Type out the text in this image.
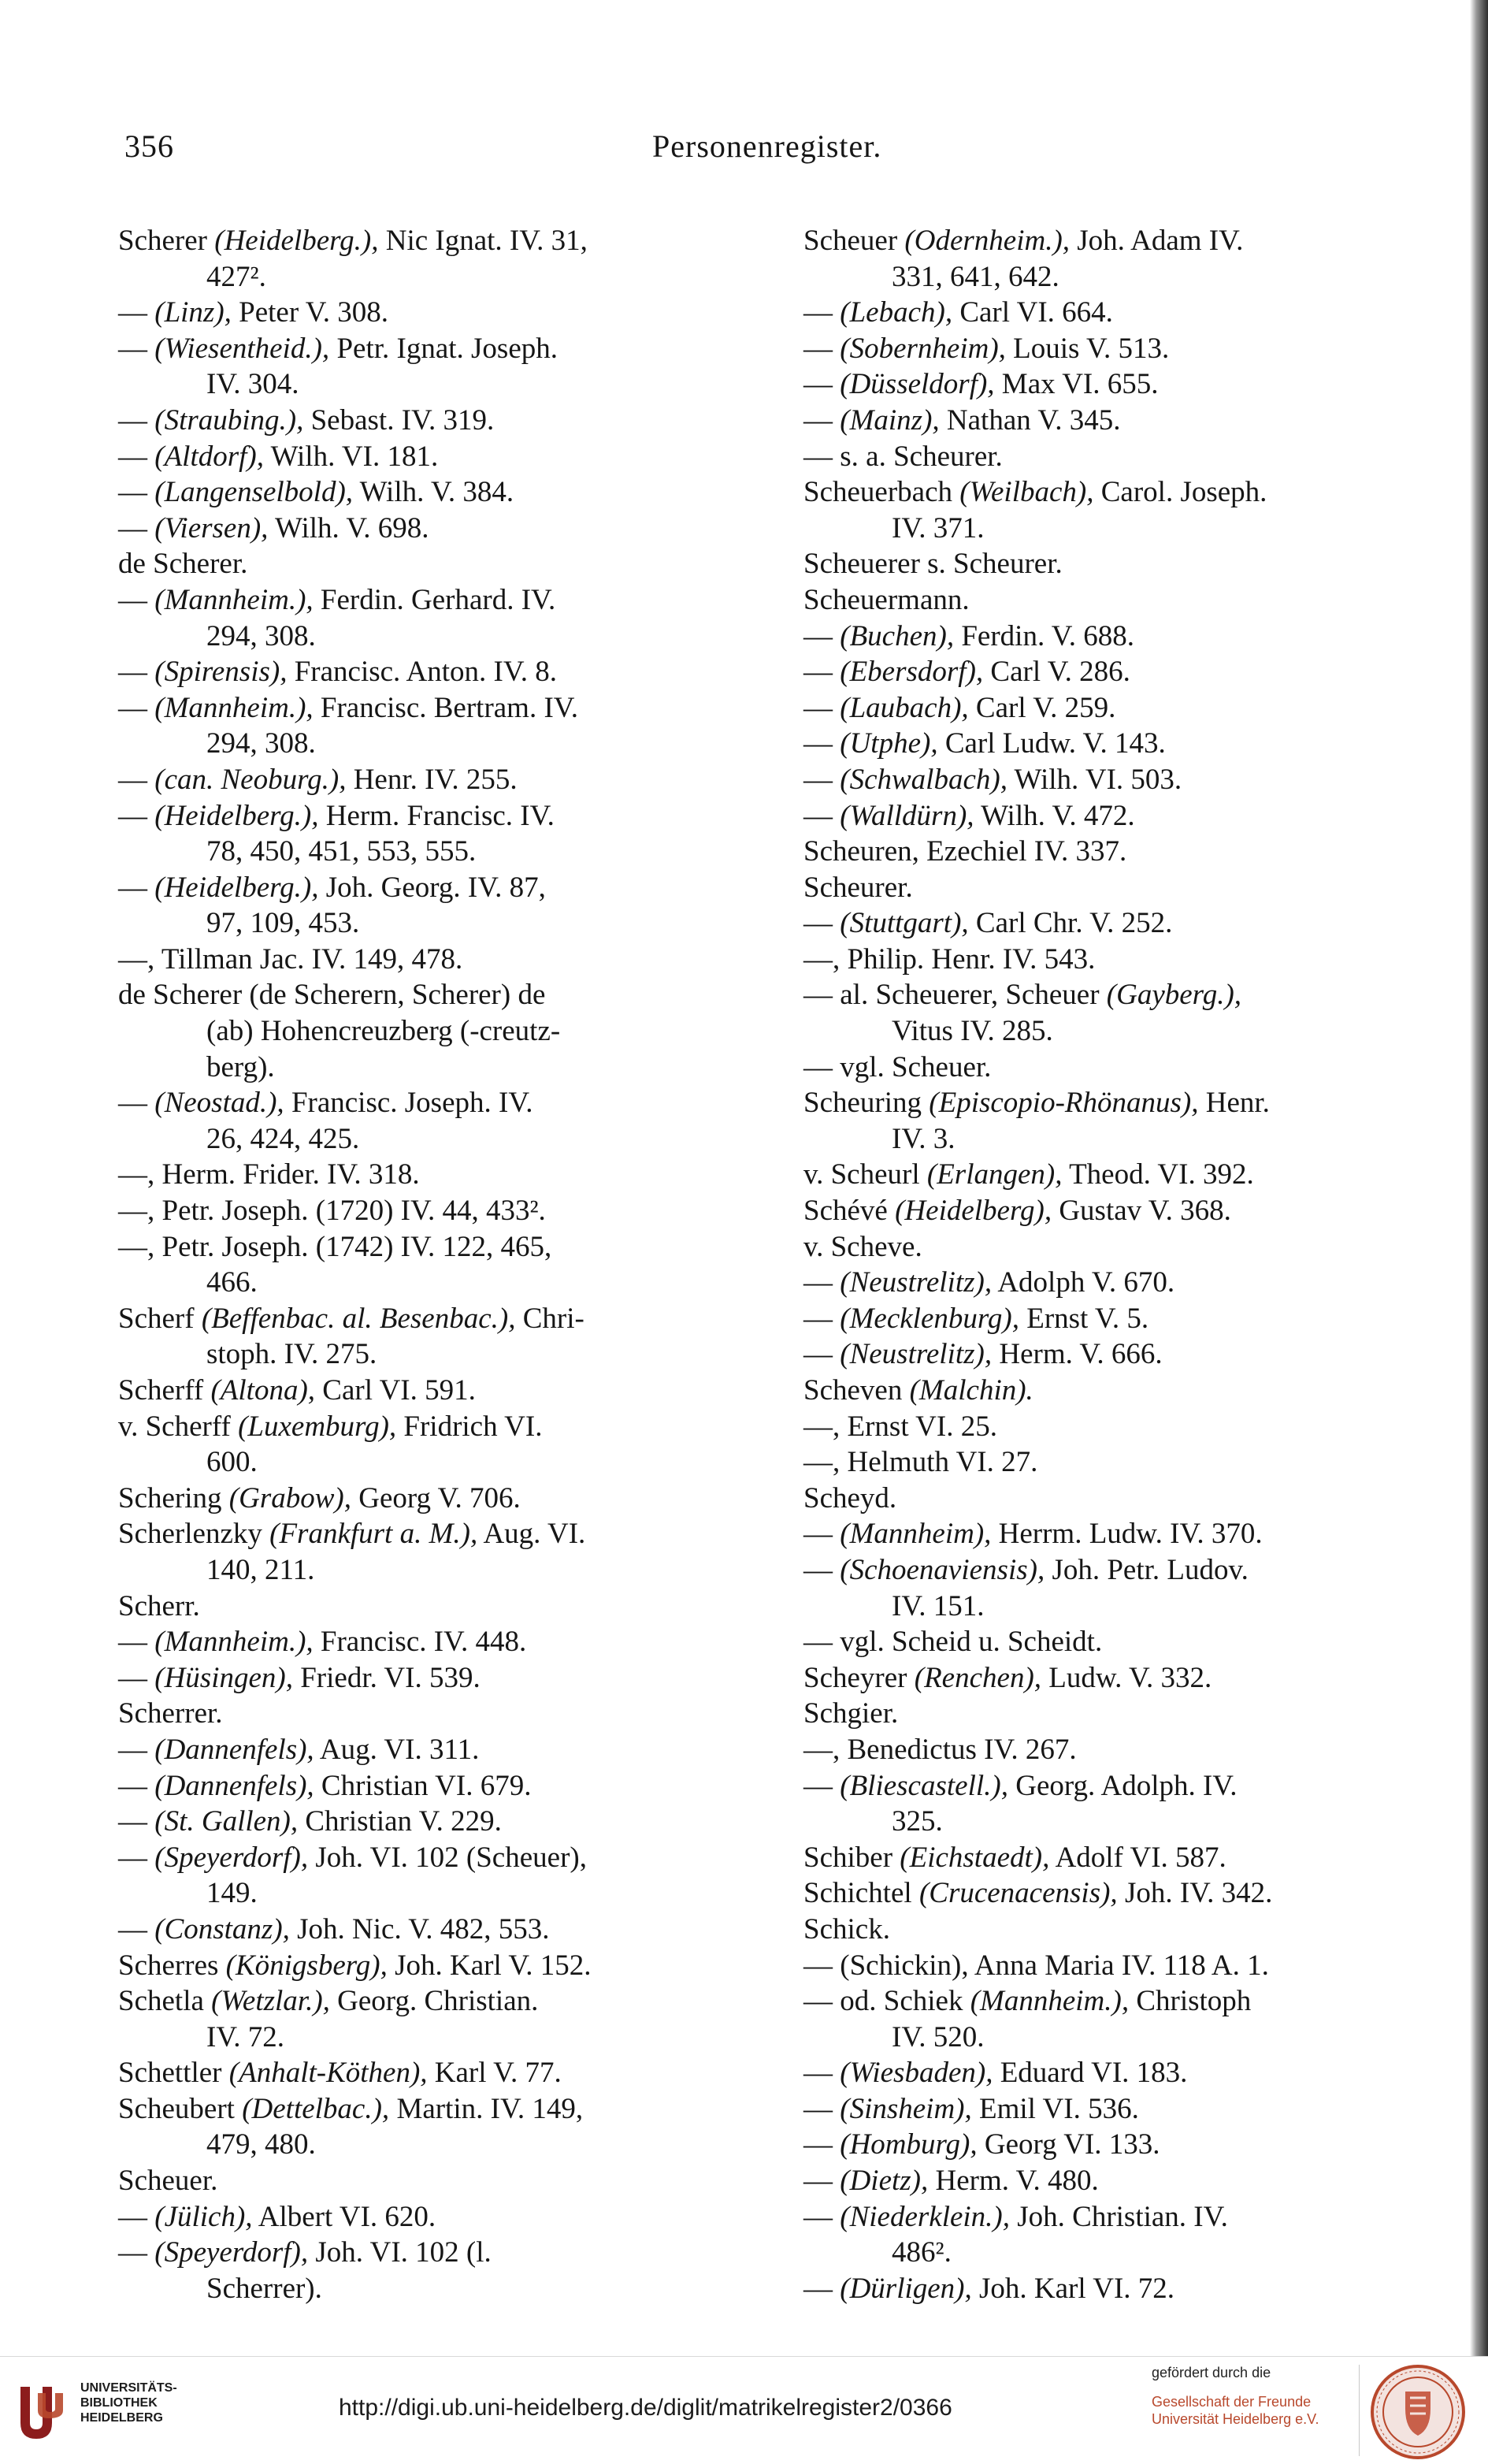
356	Personenregister.
Scherer (Heidelberg.), Nic Ignat. IV. 31,
427².
— (Linz), Peter V. 308.
— (Wiesentheid.), Petr. Ignat. Joseph.
IV. 304.
— (Straubing.), Sebast. IV. 319.
— (Altdorf), Wilh. VI. 181.
— (Langenselbold), Wilh. V. 384.
— (Viersen), Wilh. V. 698.
de Scherer.
— (Mannheim.), Ferdin. Gerhard. IV.
294, 308.
— (Spirensis), Francisc. Anton. IV. 8.
— (Mannheim.), Francisc. Bertram. IV.
294, 308.
— (can. Neoburg.), Henr. IV. 255.
— (Heidelberg.), Herm. Francisc. IV.
78, 450, 451, 553, 555.
— (Heidelberg.), Joh. Georg. IV. 87,
97, 109, 453.
—, Tillman Jac. IV. 149, 478.
de Scherer (de Scherern, Scherer) de
(ab) Hohencreuzberg (-creutz-
berg).
— (Neostad.), Francisc. Joseph. IV.
26, 424, 425.
—, Herm. Frider. IV. 318.
—, Petr. Joseph. (1720) IV. 44, 433².
—, Petr. Joseph. (1742) IV. 122, 465,
466.
Scherf (Beffenbac. al. Besenbac.), Chri-
stoph. IV. 275.
Scherff (Altona), Carl VI. 591.
v. Scherff (Luxemburg), Fridrich VI.
600.
Schering (Grabow), Georg V. 706.
Scherlenzky (Frankfurt a. M.), Aug. VI.
140, 211.
Scherr.
— (Mannheim.), Francisc. IV. 448.
— (Hüsingen), Friedr. VI. 539.
Scherrer.
— (Dannenfels), Aug. VI. 311.
— (Dannenfels), Christian VI. 679.
— (St. Gallen), Christian V. 229.
— (Speyerdorf), Joh. VI. 102 (Scheuer),
149.
— (Constanz), Joh. Nic. V. 482, 553.
Scherres (Königsberg), Joh. Karl V. 152.
Schetla (Wetzlar.), Georg. Christian.
IV. 72.
Schettler (Anhalt-Köthen), Karl V. 77.
Scheubert (Dettelbac.), Martin. IV. 149,
479, 480.
Scheuer.
— (Jülich), Albert VI. 620.
— (Speyerdorf), Joh. VI. 102 (l.
Scherrer).
Scheuer (Odernheim.), Joh. Adam IV.
331, 641, 642.
— (Lebach), Carl VI. 664.
— (Sobernheim), Louis V. 513.
— (Düsseldorf), Max VI. 655.
— (Mainz), Nathan V. 345.
— s. a. Scheurer.
Scheuerbach (Weilbach), Carol. Joseph.
IV. 371.
Scheuerer s. Scheurer.
Scheuermann.
— (Buchen), Ferdin. V. 688.
— (Ebersdorf), Carl V. 286.
— (Laubach), Carl V. 259.
— (Utphe), Carl Ludw. V. 143.
— (Schwalbach), Wilh. VI. 503.
— (Walldürn), Wilh. V. 472.
Scheuren, Ezechiel IV. 337.
Scheurer.
— (Stuttgart), Carl Chr. V. 252.
—, Philip. Henr. IV. 543.
— al. Scheuerer, Scheuer (Gayberg.),
Vitus IV. 285.
— vgl. Scheuer.
Scheuring (Episcopio-Rhönanus), Henr.
IV. 3.
v. Scheurl (Erlangen), Theod. VI. 392.
Schévé (Heidelberg), Gustav V. 368.
v. Scheve.
— (Neustrelitz), Adolph V. 670.
— (Mecklenburg), Ernst V. 5.
— (Neustrelitz), Herm. V. 666.
Scheven (Malchin).
—, Ernst VI. 25.
—, Helmuth VI. 27.
Scheyd.
— (Mannheim), Herrm. Ludw. IV. 370.
— (Schoenaviensis), Joh. Petr. Ludov.
IV. 151.
— vgl. Scheid u. Scheidt.
Scheyrer (Renchen), Ludw. V. 332.
Schgier.
—, Benedictus IV. 267.
— (Bliescastell.), Georg. Adolph. IV.
325.
Schiber (Eichstaedt), Adolf VI. 587.
Schichtel (Crucenacensis), Joh. IV. 342.
Schick.
— (Schickin), Anna Maria IV. 118 A. 1.
— od. Schiek (Mannheim.), Christoph
IV. 520.
— (Wiesbaden), Eduard VI. 183.
— (Sinsheim), Emil VI. 536.
— (Homburg), Georg VI. 133.
— (Dietz), Herm. V. 480.
— (Niederklein.), Joh. Christian. IV.
486².
— (Dürligen), Joh. Karl VI. 72.
UNIVERSITÄTS-
BIBLIOTHEK
HEIDELBERG	http://digi.ub.uni-heidelberg.de/diglit/matrikelregister2/0366
gefördert durch die
Gesellschaft der Freunde
Universität Heidelberg e.V.
